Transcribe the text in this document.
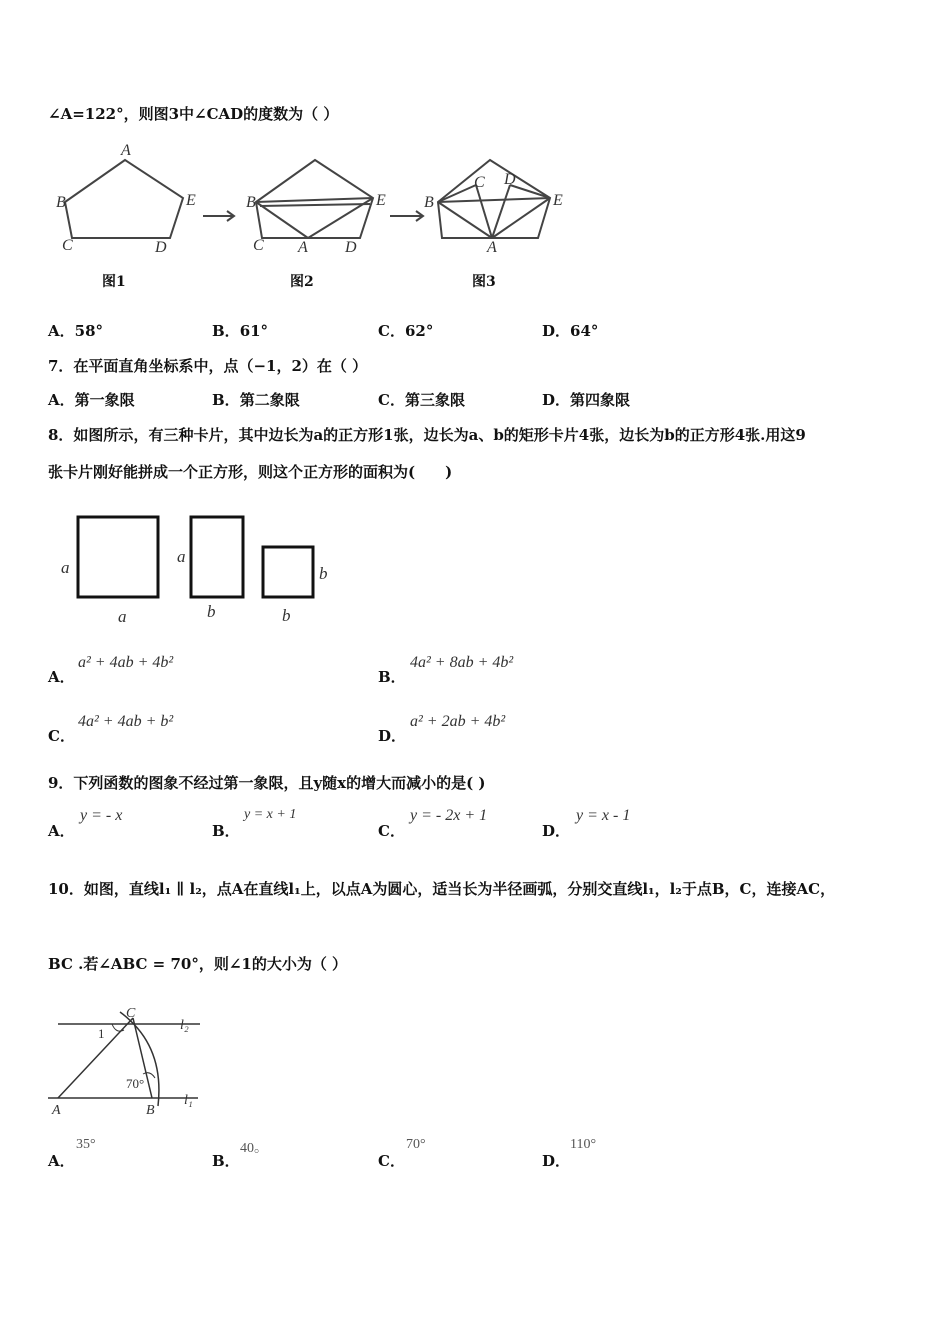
∠A=122°，则图3中∠CAD的度数为（ ）
A
B	E
C	D
B	E
C A D
B	E
C D
A
图1	图2	图3
A．58°	B．61°	C．62°	D．64°
7．在平面直角坐标系中，点（−1，2）在（ ）
A．第一象限	B．第二象限	C．第三象限	D．第四象限
8．如图所示，有三种卡片，其中边长为a的正方形1张，边长为a、b的矩形卡片4张，边长为b的正方形4张.用这9
张卡片刚好能拼成一个正方形，则这个正方形的面积为(　　)
a
a
a
b
b
b
A．
a² + 4ab + 4b²
B．
4a² + 8ab + 4b²
C．
4a² + 4ab + b²
D．
a² + 2ab + 4b²
9．下列函数的图象不经过第一象限，且y随x的增大而减小的是( )
A．
y = - x
B．
y = x + 1
C．
y = - 2x + 1
D．
y = x - 1
10．如图，直线l₁ ∥ l₂，点A在直线l₁上，以点A为圆心，适当长为半径画弧，分别交直线l₁，l₂于点B，C，连接AC，
BC .若∠ABC = 70°，则∠1的大小为（ ）
C
l₂
1
70°
A	B
l₁
A．
35°
B．
40。
C．
70°
D．
110°
